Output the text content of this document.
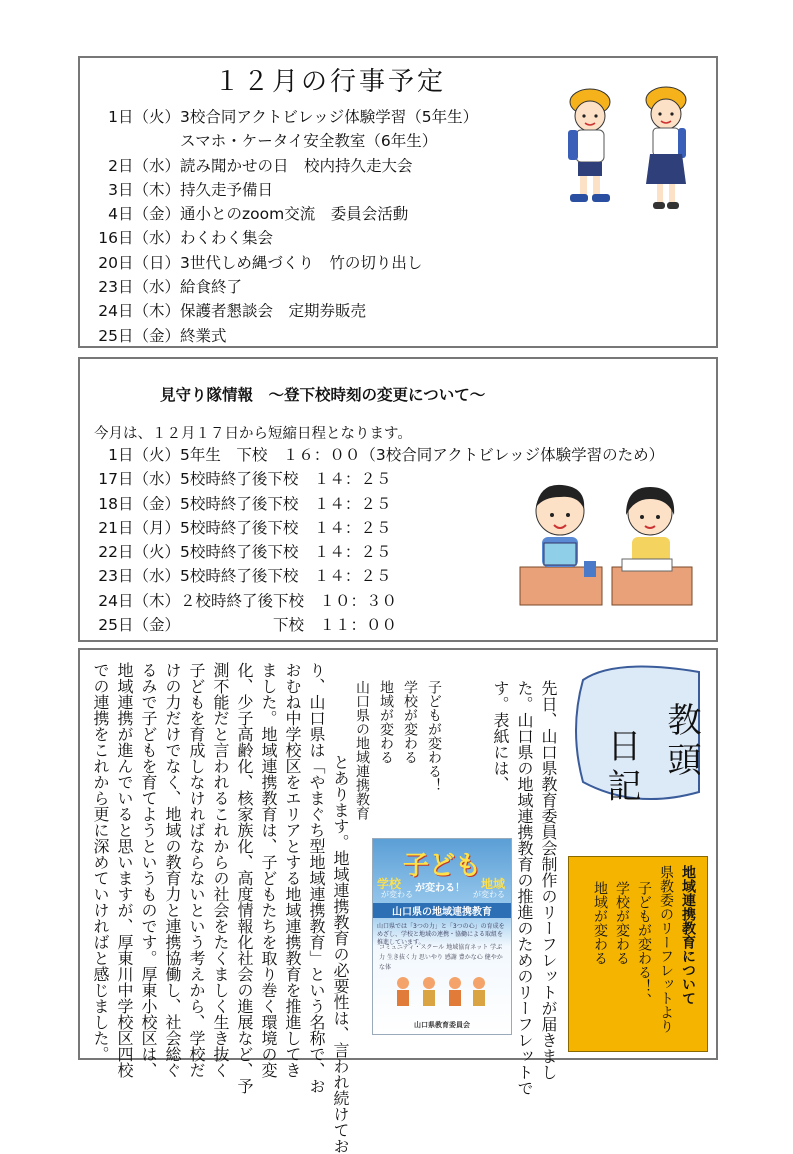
１２月の行事予定
1日（火）3校合同アクトビレッジ体験学習（5年生）
スマホ・ケータイ安全教室（6年生）
2日（水）読み聞かせの日　校内持久走大会
3日（木）持久走予備日
4日（金）通小とのzoom交流　委員会活動
16日（水）わくわく集会
20日（日）3世代しめ縄づくり　竹の切り出し
23日（水）給食終了
24日（木）保護者懇談会　定期券販売
25日（金）終業式
見守り隊情報　～登下校時刻の変更について～
今月は、１２月１７日から短縮日程となります。
1日（火）5年生　下校　１６：００（3校合同アクトビレッジ体験学習のため）
17日（水）5校時終了後下校　１４：２５
18日（金）5校時終了後下校　１４：２５
21日（月）5校時終了後下校　１４：２５
22日（火）5校時終了後下校　１４：２５
23日（水）5校時終了後下校　１４：２５
24日（木）２校時終了後下校　１０：３０
25日（金）　　　　　　下校　１１：００
教頭
日記
先日、山口県教育委員会制作のリーフレットが届きまし
た。山口県の地域連携教育の推進のためのリーフレットで
す。表紙には、
子どもが変わる！
学校が変わる
地域が変わる
山口県の地域連携教育
とあります。地域連携教育の必要性は、言われ続けてお
り、山口県は「やまぐち型地域連携教育」という名称で、お
おむね中学校区をエリアとする地域連携教育を推進してき
ました。地域連携教育は、子どもたちを取り巻く環境の変
化、少子高齢化、核家族化、高度情報化社会の進展など、予
測不能だと言われるこれからの社会をたくましく生き抜く
子どもを育成しなければならないという考えから、学校だ
けの力だけでなく、地域の教育力と連携協働し、社会総ぐ
るみで子どもを育てようというものです。厚東小校区は、
地域連携が進んでいると思いますが、厚東川中学校区四校
での連携をこれから更に深めていければと感じました。	子ども
学校
が変わる
が変わる！ 地域
が変わる
山口県の地域連携教育
山口県では「3つの力」と「3つの心」の育成をめざし、学校と地域の連携・協働による取組を推進しています。
コミュニティ・スクール 地域協育ネット 学ぶ力 生き抜く力 思いやり 感謝 豊かな心 健やかな体
山口県教育委員会
地域連携教育について
県教委のリーフレットより
子どもが変わる！、
学校が変わる
地域が変わる
